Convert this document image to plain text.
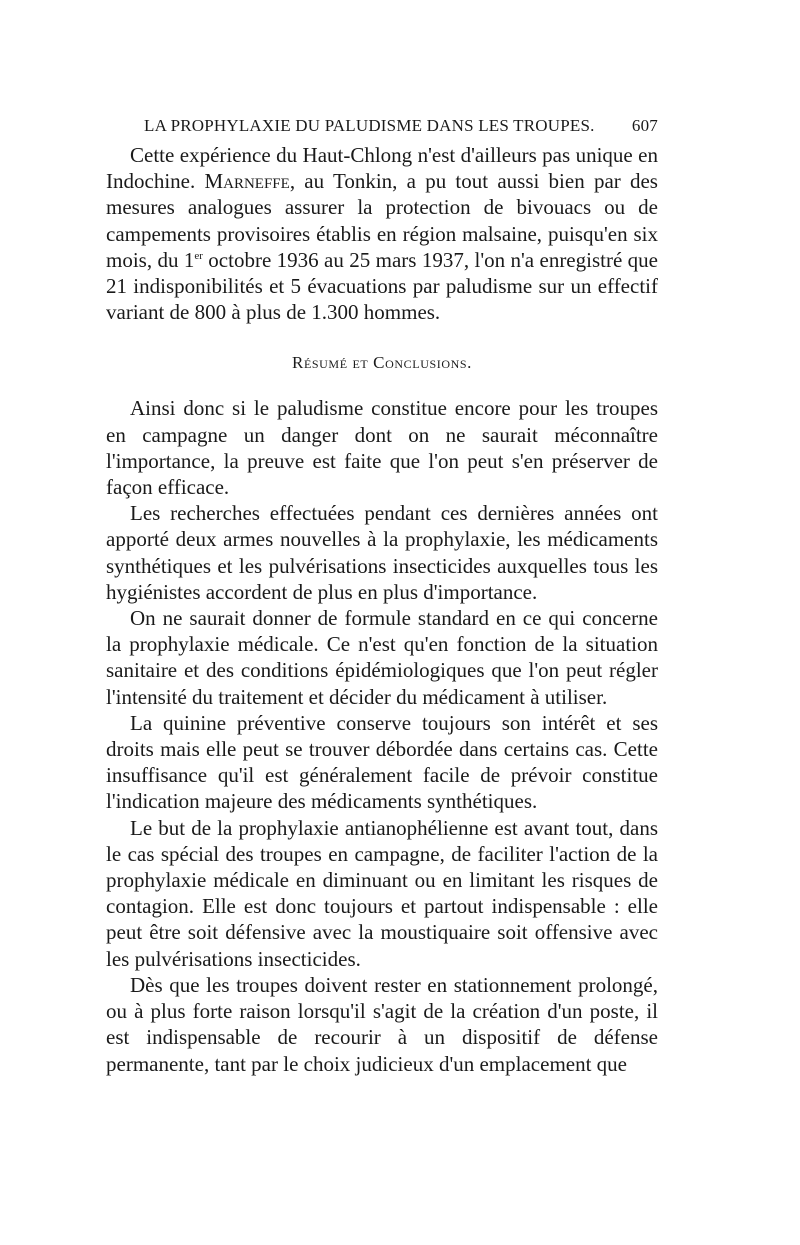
LA PROPHYLAXIE DU PALUDISME DANS LES TROUPES. 607

Cette expérience du Haut-Chlong n'est d'ailleurs pas unique en Indochine. Marneffe, au Tonkin, a pu tout aussi bien par des mesures analogues assurer la protection de bivouacs ou de campements provisoires établis en région malsaine, puisqu'en six mois, du 1er octobre 1936 au 25 mars 1937, l'on n'a enregistré que 21 indisponibilités et 5 évacuations par paludisme sur un effectif variant de 800 à plus de 1.300 hommes.

Résumé et Conclusions.

Ainsi donc si le paludisme constitue encore pour les troupes en campagne un danger dont on ne saurait méconnaître l'importance, la preuve est faite que l'on peut s'en préserver de façon efficace.

Les recherches effectuées pendant ces dernières années ont apporté deux armes nouvelles à la prophylaxie, les médicaments synthétiques et les pulvérisations insecticides auxquelles tous les hygiénistes accordent de plus en plus d'importance.

On ne saurait donner de formule standard en ce qui concerne la prophylaxie médicale. Ce n'est qu'en fonction de la situation sanitaire et des conditions épidémiologiques que l'on peut régler l'intensité du traitement et décider du médicament à utiliser.

La quinine préventive conserve toujours son intérêt et ses droits mais elle peut se trouver débordée dans certains cas. Cette insuffisance qu'il est généralement facile de prévoir constitue l'indication majeure des médicaments synthétiques.

Le but de la prophylaxie antianophélienne est avant tout, dans le cas spécial des troupes en campagne, de faciliter l'action de la prophylaxie médicale en diminuant ou en limitant les risques de contagion. Elle est donc toujours et partout indispensable : elle peut être soit défensive avec la moustiquaire soit offensive avec les pulvérisations insecticides.

Dès que les troupes doivent rester en stationnement prolongé, ou à plus forte raison lorsqu'il s'agit de la création d'un poste, il est indispensable de recourir à un dispositif de défense permanente, tant par le choix judicieux d'un emplacement que
